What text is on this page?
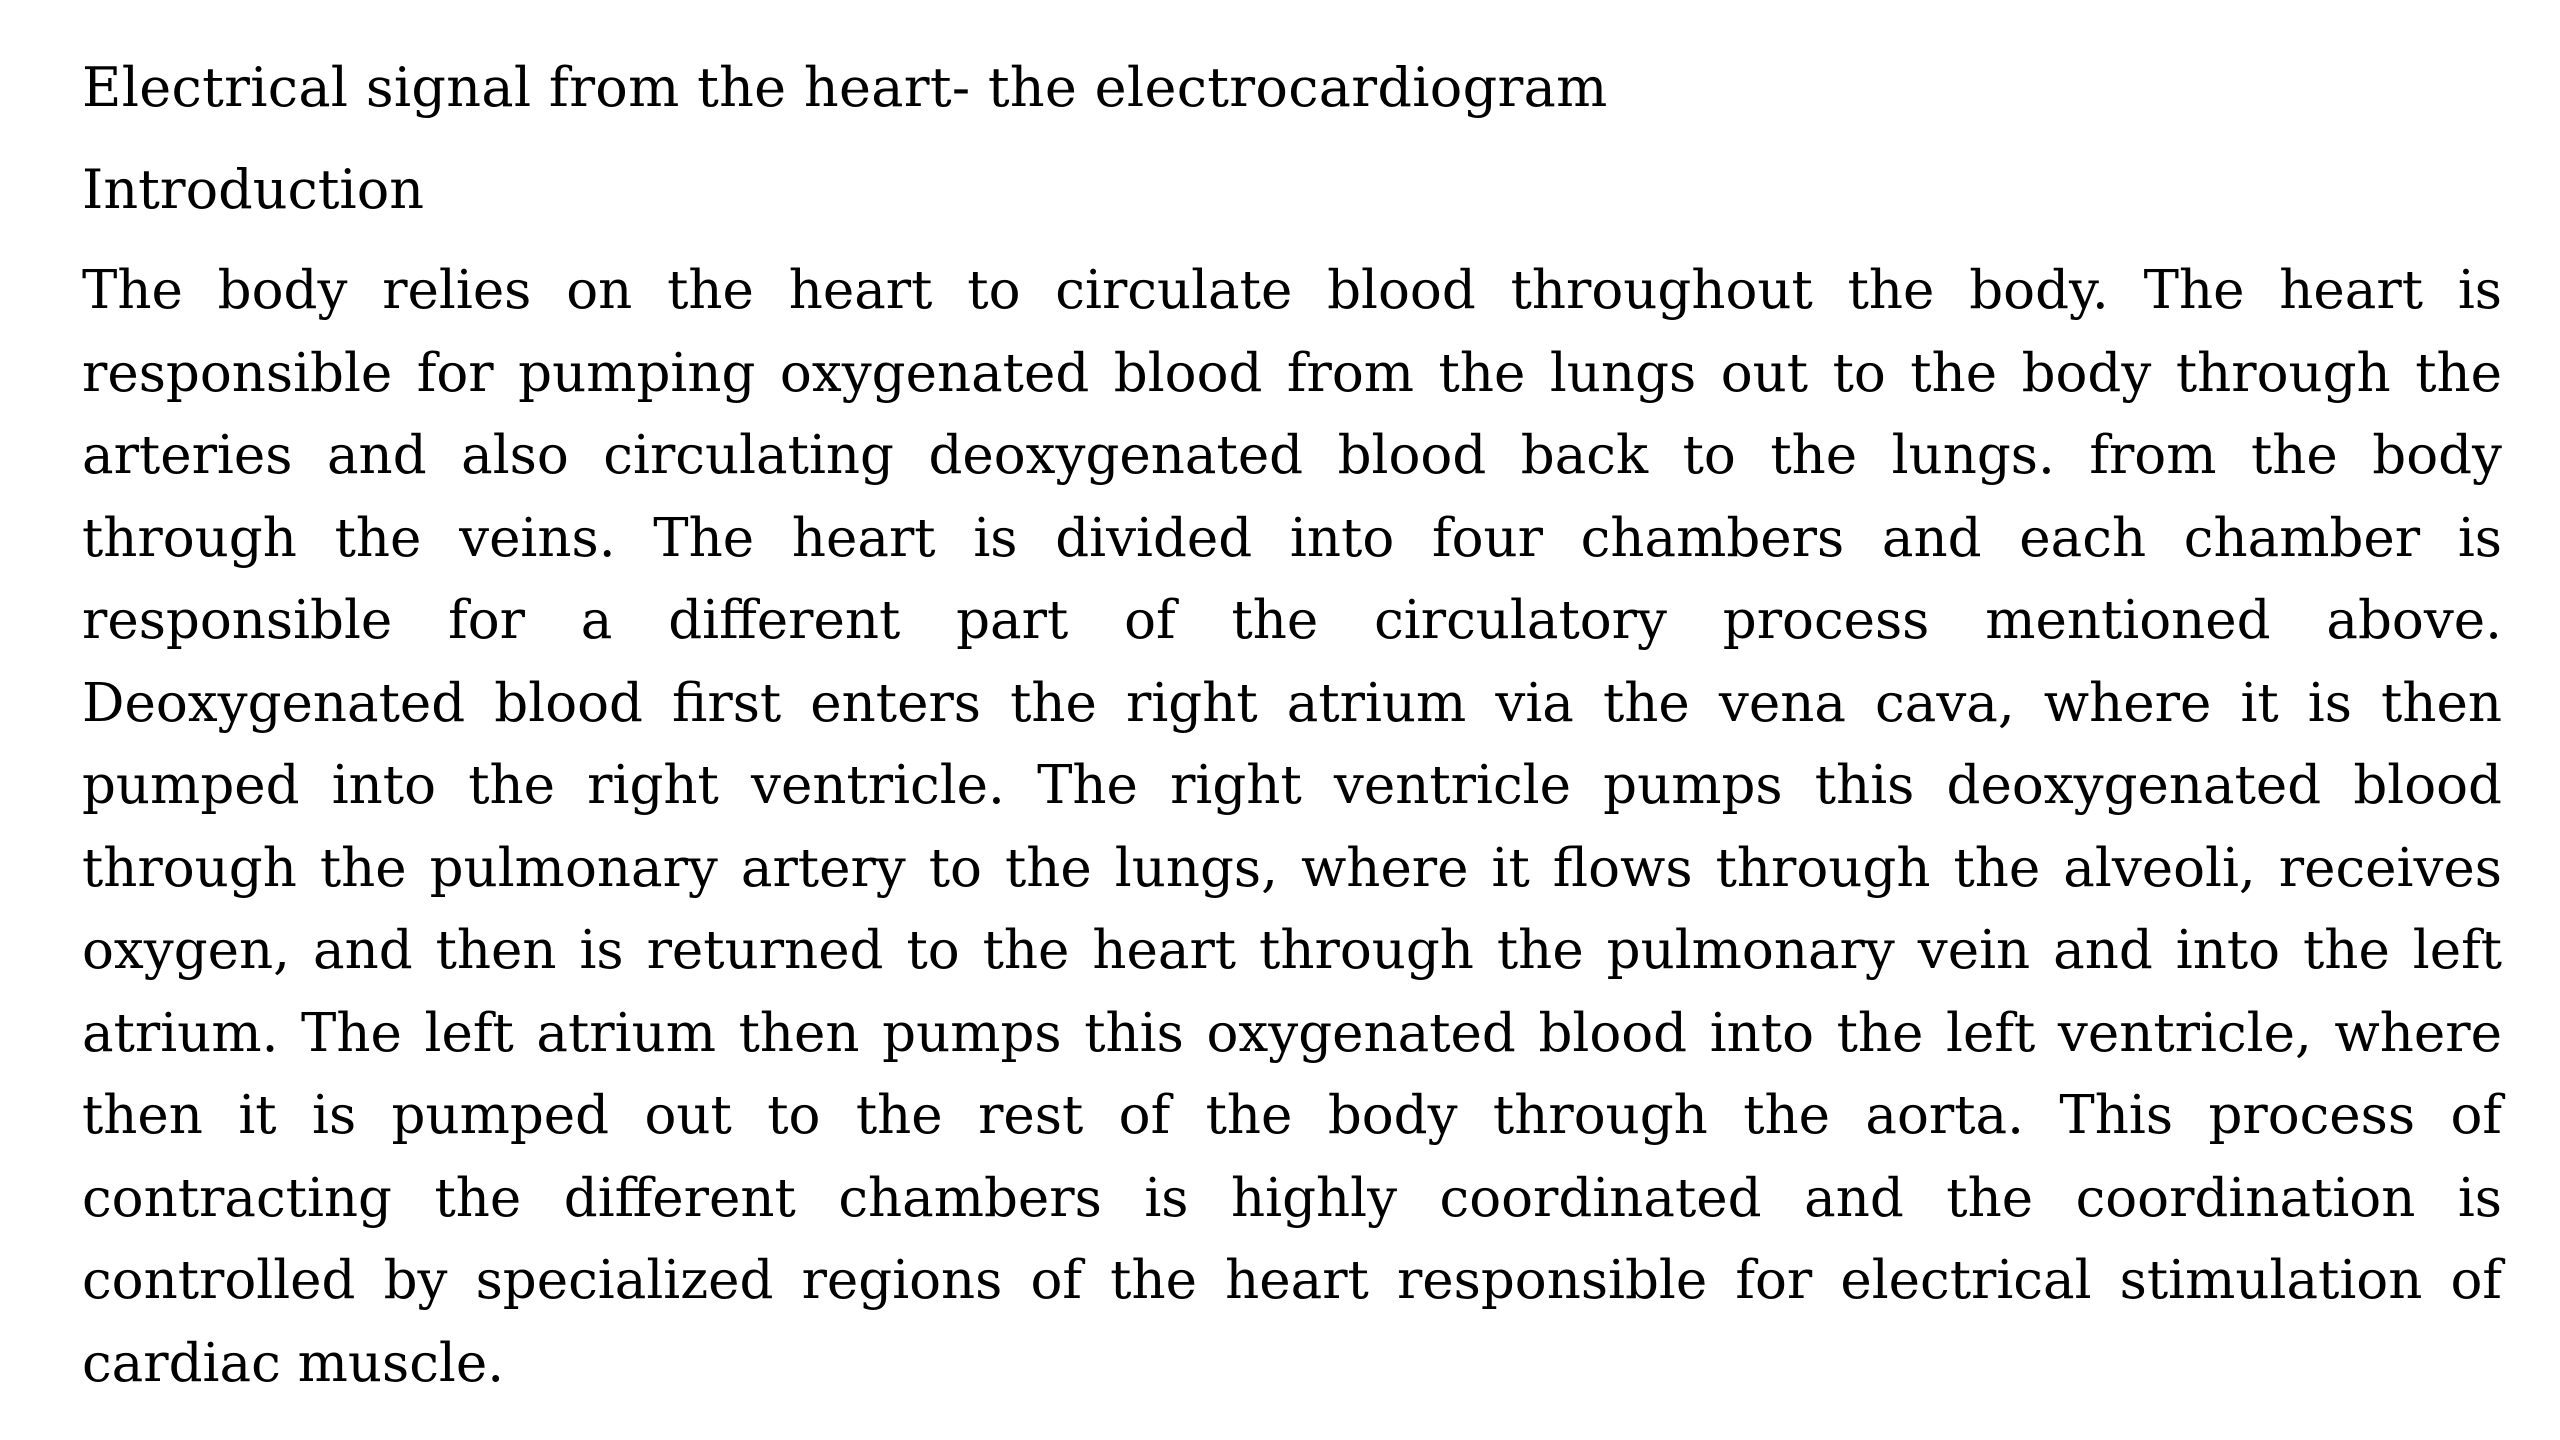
Electrical signal from the heart- the electrocardiogram
Introduction

The body relies on the heart to circulate blood throughout the body. The heart is responsible for pumping oxygenated blood from the lungs out to the body through the arteries and also circulating deoxygenated blood back to the lungs. from the body through the veins. The heart is divided into four chambers and each chamber is responsible for a different part of the circulatory process mentioned above. Deoxygenated blood first enters the right atrium via the vena cava, where it is then pumped into the right ventricle. The right ventricle pumps this deoxygenated blood through the pulmonary artery to the lungs, where it flows through the alveoli, receives oxygen, and then is returned to the heart through the pulmonary vein and into the left atrium. The left atrium then pumps this oxygenated blood into the left ventricle, where then it is pumped out to the rest of the body through the aorta. This process of contracting the different chambers is highly coordinated and the coordination is controlled by specialized regions of the heart responsible for electrical stimulation of cardiac muscle.
